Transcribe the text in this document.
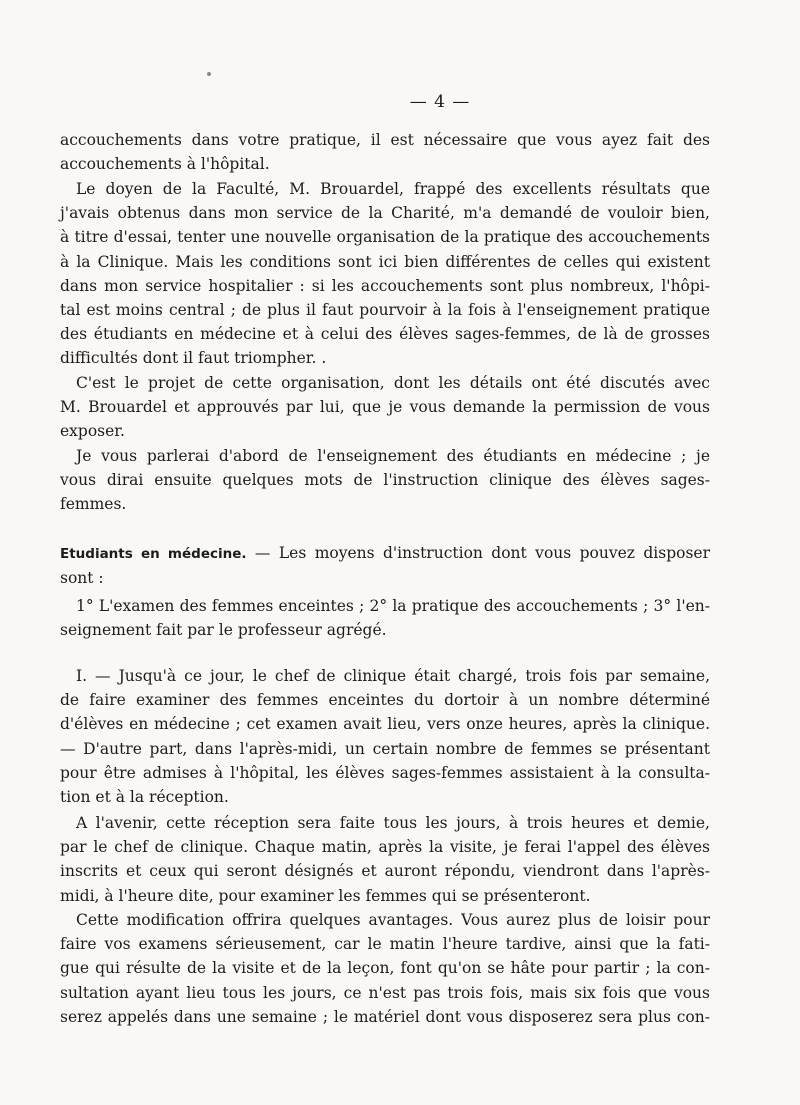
— 4 —
accouchements dans votre pratique, il est nécessaire que vous ayez fait des
accouchements à l'hôpital.
Le doyen de la Faculté, M. Brouardel, frappé des excellents résultats que
j'avais obtenus dans mon service de la Charité, m'a demandé de vouloir bien,
à titre d'essai, tenter une nouvelle organisation de la pratique des accouchements
à la Clinique. Mais les conditions sont ici bien différentes de celles qui existent
dans mon service hospitalier : si les accouchements sont plus nombreux, l'hôpi-
tal est moins central ; de plus il faut pourvoir à la fois à l'enseignement pratique
des étudiants en médecine et à celui des élèves sages-femmes, de là de grosses
difficultés dont il faut triompher. .
C'est le projet de cette organisation, dont les détails ont été discutés avec
M. Brouardel et approuvés par lui, que je vous demande la permission de vous
exposer.
Je vous parlerai d'abord de l'enseignement des étudiants en médecine ; je
vous dirai ensuite quelques mots de l'instruction clinique des élèves sages-
femmes.
Etudiants en médecine. — Les moyens d'instruction dont vous pouvez disposer
sont :
1° L'examen des femmes enceintes ; 2° la pratique des accouchements ; 3° l'en-
seignement fait par le professeur agrégé.
I. — Jusqu'à ce jour, le chef de clinique était chargé, trois fois par semaine,
de faire examiner des femmes enceintes du dortoir à un nombre déterminé
d'élèves en médecine ; cet examen avait lieu, vers onze heures, après la clinique.
— D'autre part, dans l'après-midi, un certain nombre de femmes se présentant
pour être admises à l'hôpital, les élèves sages-femmes assistaient à la consulta-
tion et à la réception.
A l'avenir, cette réception sera faite tous les jours, à trois heures et demie,
par le chef de clinique. Chaque matin, après la visite, je ferai l'appel des élèves
inscrits et ceux qui seront désignés et auront répondu, viendront dans l'après-
midi, à l'heure dite, pour examiner les femmes qui se présenteront.
Cette modification offrira quelques avantages. Vous aurez plus de loisir pour
faire vos examens sérieusement, car le matin l'heure tardive, ainsi que la fati-
gue qui résulte de la visite et de la leçon, font qu'on se hâte pour partir ; la con-
sultation ayant lieu tous les jours, ce n'est pas trois fois, mais six fois que vous
serez appelés dans une semaine ; le matériel dont vous disposerez sera plus con-
